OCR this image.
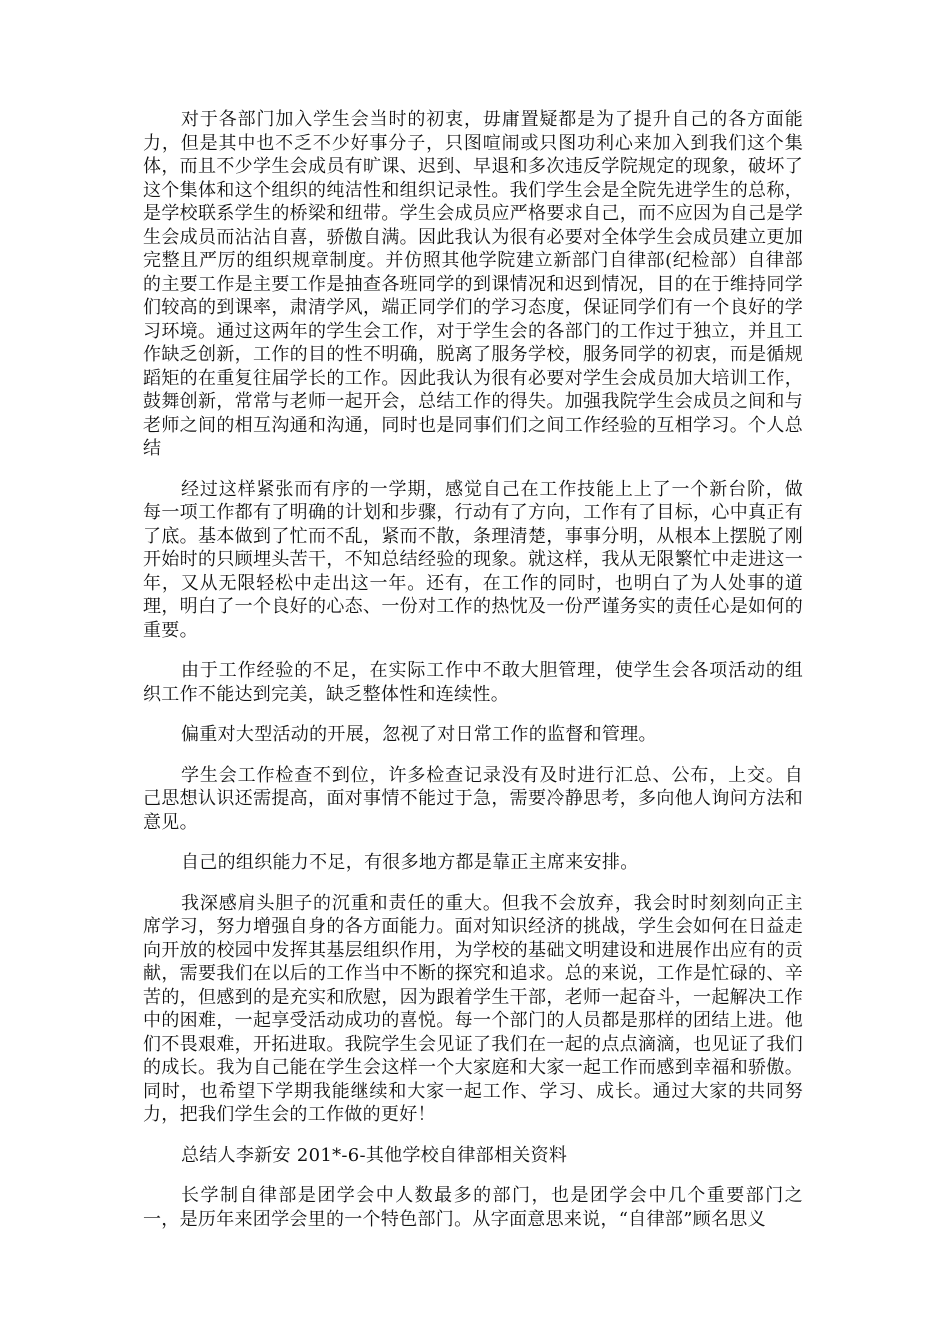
对于各部门加入学生会当时的初衷，毋庸置疑都是为了提升自己的各方面能力，但是其中也不乏不少好事分子，只图喧闹或只图功利心来加入到我们这个集体，而且不少学生会成员有旷课、迟到、早退和多次违反学院规定的现象，破坏了这个集体和这个组织的纯洁性和组织记录性。我们学生会是全院先进学生的总称，是学校联系学生的桥梁和纽带。学生会成员应严格要求自己，而不应因为自己是学生会成员而沾沾自喜，骄傲自满。因此我认为很有必要对全体学生会成员建立更加完整且严厉的组织规章制度。并仿照其他学院建立新部门自律部(纪检部）自律部的主要工作是主要工作是抽查各班同学的到课情况和迟到情况，目的在于维持同学们较高的到课率，肃清学风，端正同学们的学习态度，保证同学们有一个良好的学习环境。通过这两年的学生会工作，对于学生会的各部门的工作过于独立，并且工作缺乏创新，工作的目的性不明确，脱离了服务学校，服务同学的初衷，而是循规蹈矩的在重复往届学长的工作。因此我认为很有必要对学生会成员加大培训工作，鼓舞创新，常常与老师一起开会，总结工作的得失。加强我院学生会成员之间和与老师之间的相互沟通和沟通，同时也是同事们们之间工作经验的互相学习。个人总结

经过这样紧张而有序的一学期，感觉自己在工作技能上上了一个新台阶，做每一项工作都有了明确的计划和步骤，行动有了方向，工作有了目标，心中真正有了底。基本做到了忙而不乱，紧而不散，条理清楚，事事分明，从根本上摆脱了刚开始时的只顾埋头苦干，不知总结经验的现象。就这样，我从无限繁忙中走进这一年，又从无限轻松中走出这一年。还有，在工作的同时，也明白了为人处事的道理，明白了一个良好的心态、一份对工作的热忱及一份严谨务实的责任心是如何的重要。

由于工作经验的不足，在实际工作中不敢大胆管理，使学生会各项活动的组织工作不能达到完美，缺乏整体性和连续性。

偏重对大型活动的开展，忽视了对日常工作的监督和管理。

学生会工作检查不到位，许多检查记录没有及时进行汇总、公布，上交。自己思想认识还需提高，面对事情不能过于急，需要冷静思考，多向他人询问方法和意见。

自己的组织能力不足，有很多地方都是靠正主席来安排。

我深感肩头胆子的沉重和责任的重大。但我不会放弃，我会时时刻刻向正主席学习，努力增强自身的各方面能力。面对知识经济的挑战，学生会如何在日益走向开放的校园中发挥其基层组织作用，为学校的基础文明建设和进展作出应有的贡献，需要我们在以后的工作当中不断的探究和追求。总的来说，工作是忙碌的、辛苦的，但感到的是充实和欣慰，因为跟着学生干部，老师一起奋斗，一起解决工作中的困难，一起享受活动成功的喜悦。每一个部门的人员都是那样的团结上进。他们不畏艰难，开拓进取。我院学生会见证了我们在一起的点点滴滴，也见证了我们的成长。我为自己能在学生会这样一个大家庭和大家一起工作而感到幸福和骄傲。同时，也希望下学期我能继续和大家一起工作、学习、成长。通过大家的共同努力，把我们学生会的工作做的更好！

总结人李新安 201*-6-其他学校自律部相关资料

长学制自律部是团学会中人数最多的部门，也是团学会中几个重要部门之一，是历年来团学会里的一个特色部门。从字面意思来说，“自律部”顾名思义
